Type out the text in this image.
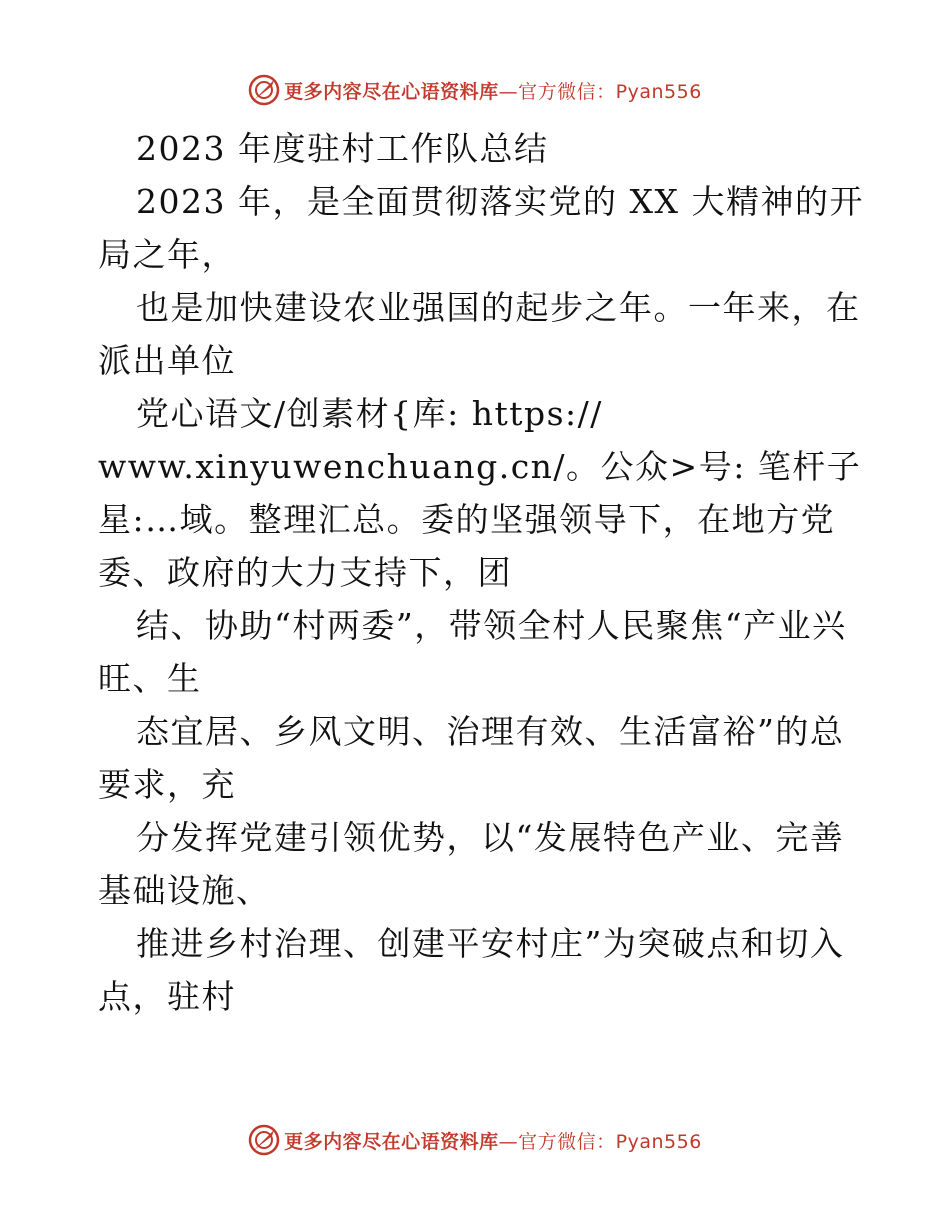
更多内容尽在心语资料库—官方微信：Pyan556

2023 年度驻村工作队总结

2023 年，是全面贯彻落实党的 XX 大精神的开局之年，

也是加快建设农业强国的起步之年。一年来，在派出单位

党心语文/创素材{库: https://

www.xinyuwenchuang.cn/。公众>号: 笔杆子星:…域。整理汇总。委的坚强领导下，在地方党委、政府的大力支持下，团

结、协助“村两委”，带领全村人民聚焦“产业兴旺、生

态宜居、乡风文明、治理有效、生活富裕”的总要求，充

分发挥党建引领优势，以“发展特色产业、完善基础设施、

推进乡村治理、创建平安村庄”为突破点和切入点，驻村

更多内容尽在心语资料库—官方微信：Pyan556
